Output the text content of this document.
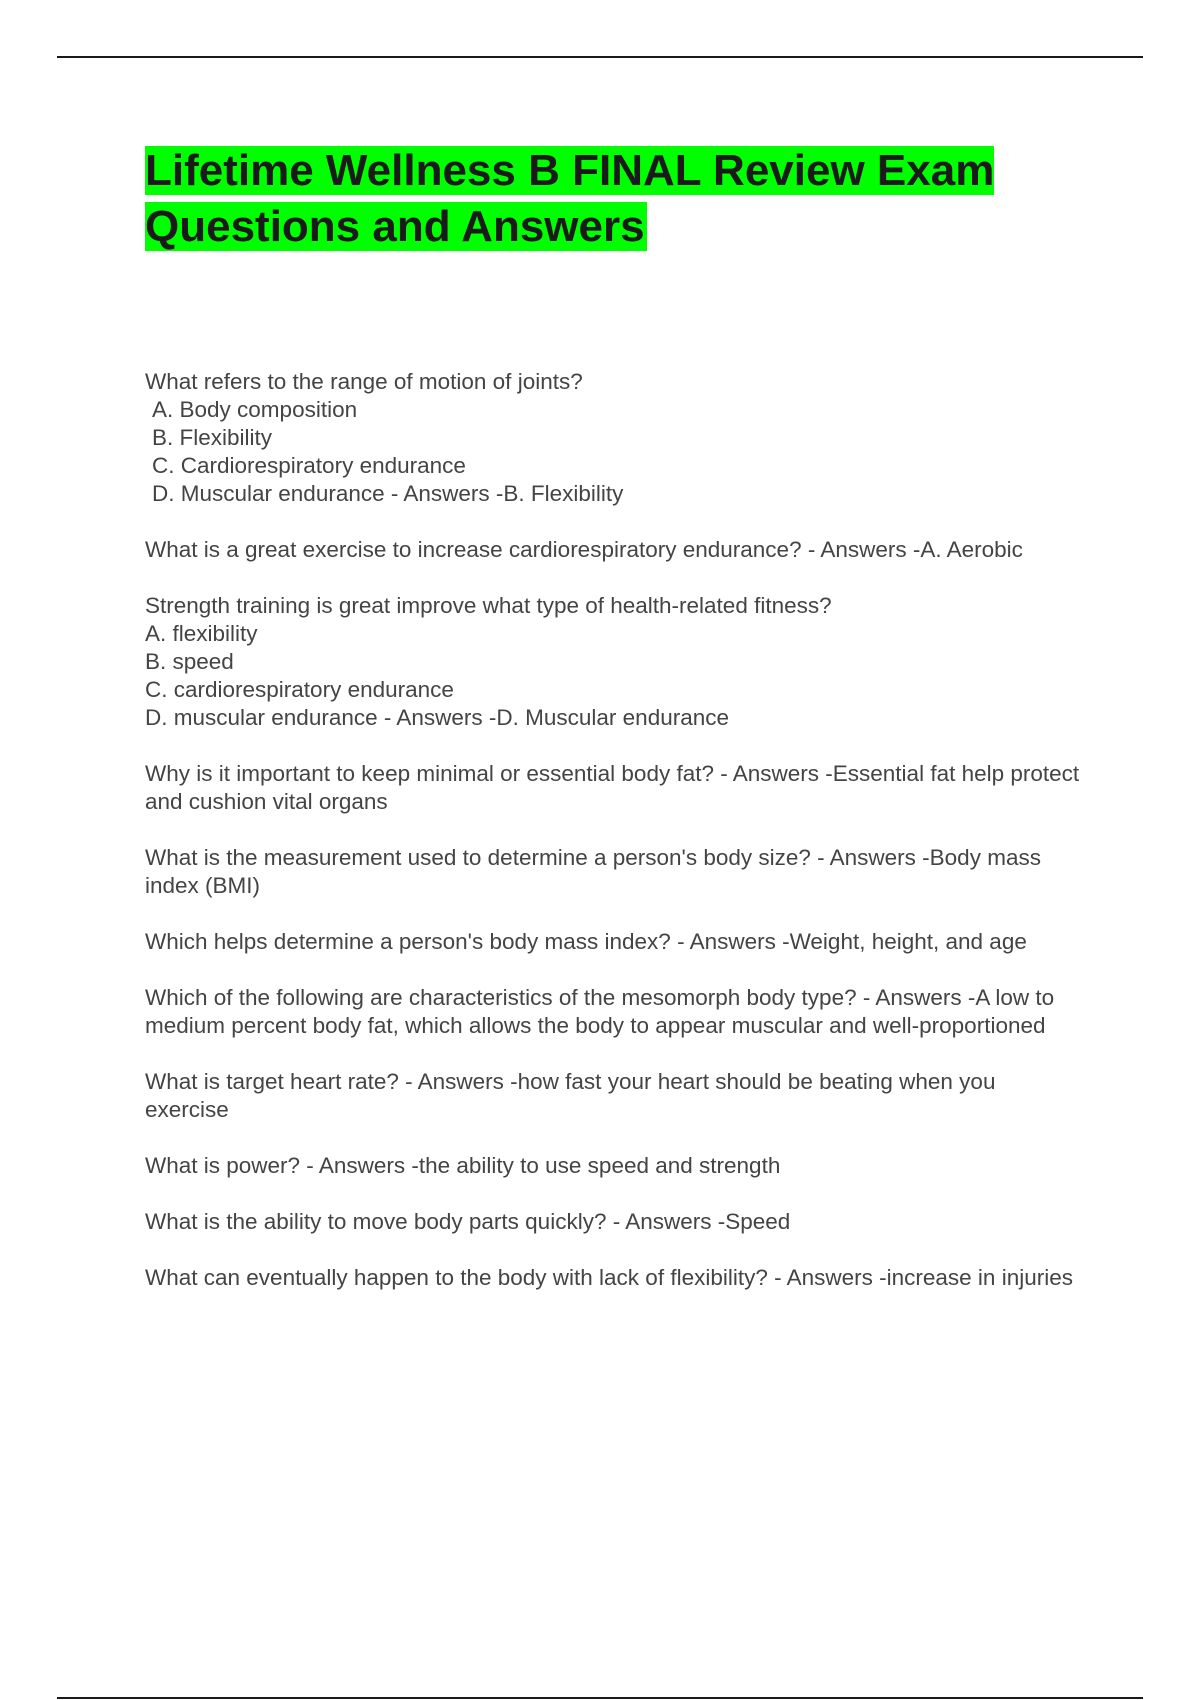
Lifetime Wellness B FINAL Review Exam Questions and Answers

What refers to the range of motion of joints?

A. Body composition

B. Flexibility

C. Cardiorespiratory endurance

D. Muscular endurance - Answers -B. Flexibility

What is a great exercise to increase cardiorespiratory endurance? - Answers -A. Aerobic

Strength training is great improve what type of health-related fitness?

A. flexibility

B. speed

C. cardiorespiratory endurance

D. muscular endurance - Answers -D. Muscular endurance

Why is it important to keep minimal or essential body fat? - Answers -Essential fat help protect and cushion vital organs

What is the measurement used to determine a person's body size? - Answers -Body mass index (BMI)

Which helps determine a person's body mass index? - Answers -Weight, height, and age

Which of the following are characteristics of the mesomorph body type? - Answers -A low to medium percent body fat, which allows the body to appear muscular and well-proportioned

What is target heart rate? - Answers -how fast your heart should be beating when you exercise

What is power? - Answers -the ability to use speed and strength

What is the ability to move body parts quickly? - Answers -Speed

What can eventually happen to the body with lack of flexibility? - Answers -increase in injuries
